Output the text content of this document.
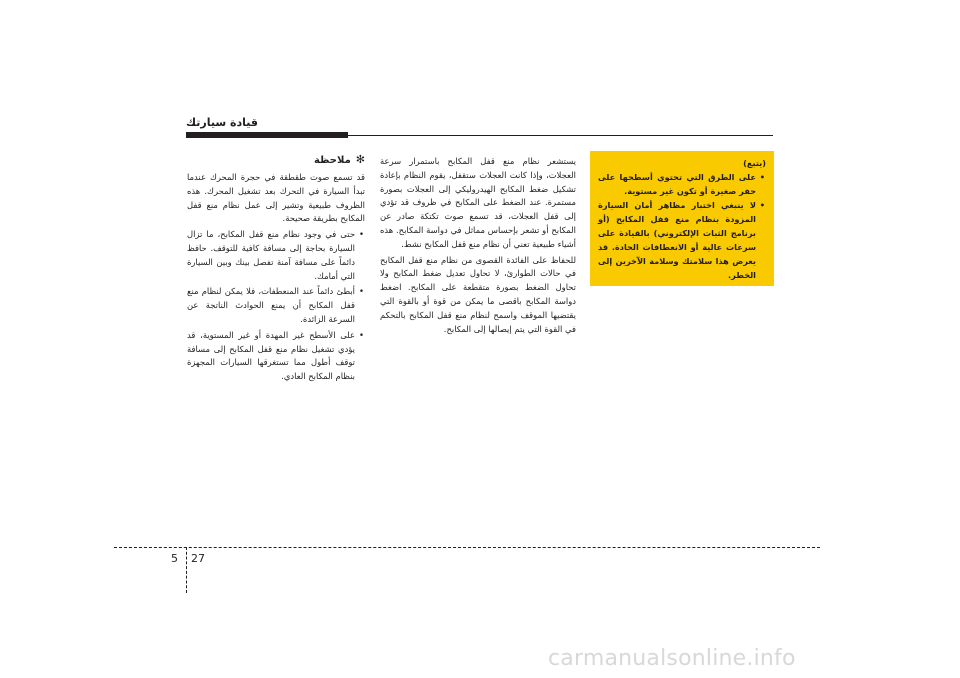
قيادة سيارتك
✻ملاحظة
قد تسمع صوت طقطقة في حجرة المحرك عندما تبدأ السيارة في التحرك بعد تشغيل المحرك. هذه الظروف طبيعية وتشير إلى عمل نظام منع قفل المكابح بطريقة صحيحة.
• حتى في وجود نظام منع قفل المكابح، ما تزال السيارة بحاجة إلى مسافة كافية للتوقف. حافظ دائماً على مسافة آمنة تفصل بينك وبين السيارة التي أمامك.
• أبطئ دائماً عند المنعطفات، فلا يمكن لنظام منع قفل المكابح أن يمنع الحوادث الناتجة عن السرعة الزائدة.
• على الأسطح غير المهدة أو غير المستوية، قد يؤدي تشغيل نظام منع قفل المكابح إلى مسافة توقف أطول مما تستغرقها السيارات المجهزة بنظام المكابح العادي.
يستشعر نظام منع قفل المكابح باستمرار سرعة العجلات، وإذا كانت العجلات ستقفل، يقوم النظام بإعادة تشكيل ضغط المكابح الهيدروليكي إلى العجلات بصورة مستمرة. عند الضغط على المكابح في ظروف قد تؤدي إلى قفل العجلات، قد تسمع صوت تكتكة صادر عن المكابح أو تشعر بإحساس مماثل في دواسة المكابح. هذه أشياء طبيعية تعني أن نظام منع قفل المكابح نشط.
للحفاظ على الفائدة القصوى من نظام منع قفل المكابح في حالات الطوارئ، لا تحاول تعديل ضغط المكابح ولا تحاول الضغط بصورة متقطعة على المكابح. اضغط دواسة المكابح باقصى ما يمكن من قوة أو بالقوة التي يقتضيها الموقف واسمح لنظام منع قفل المكابح بالتحكم في القوة التي يتم إيصالها إلى المكابح.
(يتبع)
• على الطرق التي تحتوي أسطحها على حفر صغيرة أو تكون غير مستوية.
• لا ينبغي اختبار مظاهر أمان السيارة المزودة بنظام منع قفل المكابح (أو برنامج الثبات الإلكتروني) بالقيادة على سرعات عالية أو الانعطافات الحادة. قد يعرض هذا سلامتك وسلامة الآخرين إلى الخطر.
5 27
carmanualsonline.info
